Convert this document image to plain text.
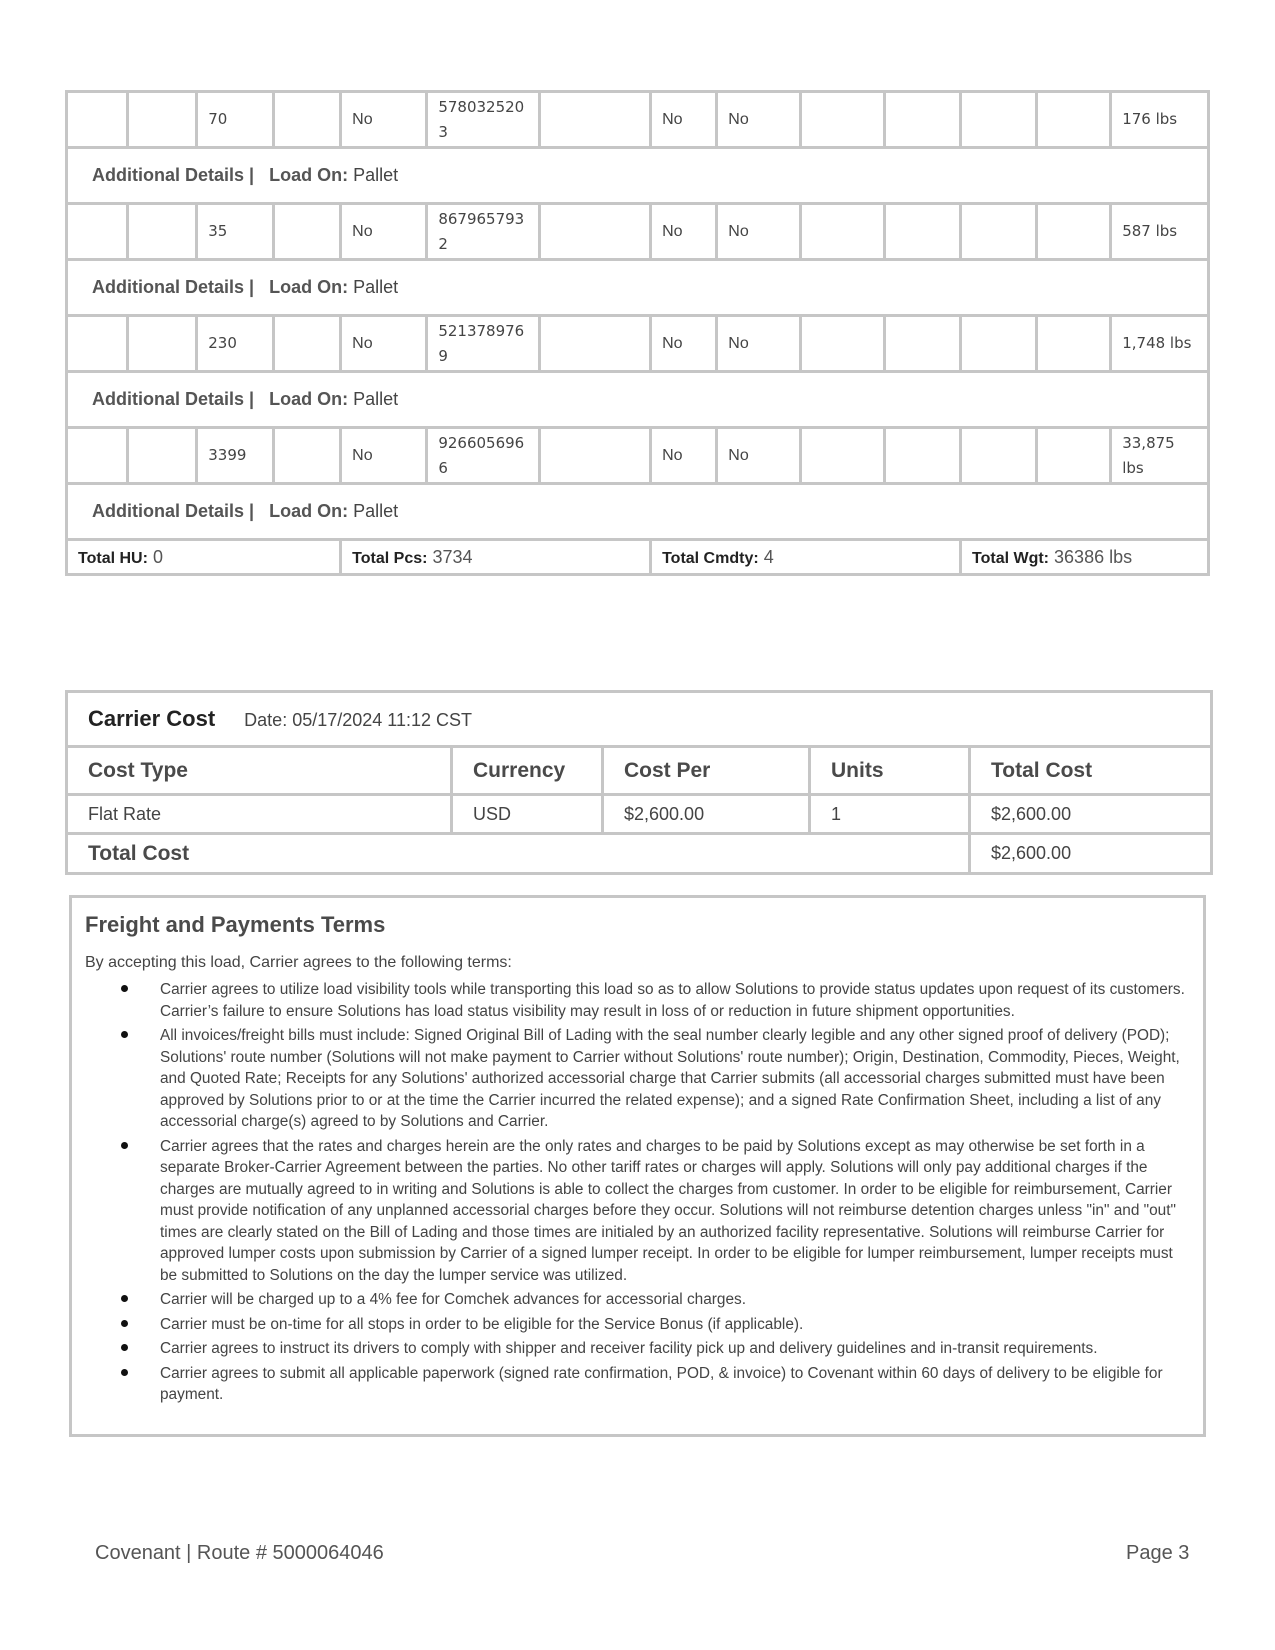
		70		No	5780325203		No	No					176 lbs
Additional Details | Load On: Pallet													
		35		No	8679657932		No	No					587 lbs
Additional Details | Load On: Pallet													
		230		No	5213789769		No	No					1,748 lbs
Additional Details | Load On: Pallet													
		3399		No	9266056966		No	No					33,875 lbs
Additional Details | Load On: Pallet													
Total HU: 0				Total Pcs: 3734			Total Cmdty: 4				Total Wgt: 36386 lbs		
Carrier Cost Date: 05/17/2024 11:12 CST				
Cost Type	Currency	Cost Per	Units	Total Cost
Flat Rate	USD	$2,600.00	1	$2,600.00
Total Cost				$2,600.00
Freight and Payments Terms

By accepting this load, Carrier agrees to the following terms:

Carrier agrees to utilize load visibility tools while transporting this load so as to allow Solutions to provide status updates upon request of its customers. Carrier’s failure to ensure Solutions has load status visibility may result in loss of or reduction in future shipment opportunities.
All invoices/freight bills must include: Signed Original Bill of Lading with the seal number clearly legible and any other signed proof of delivery (POD); Solutions' route number (Solutions will not make payment to Carrier without Solutions' route number); Origin, Destination, Commodity, Pieces, Weight, and Quoted Rate; Receipts for any Solutions' authorized accessorial charge that Carrier submits (all accessorial charges submitted must have been approved by Solutions prior to or at the time the Carrier incurred the related expense); and a signed Rate Confirmation Sheet, including a list of any accessorial charge(s) agreed to by Solutions and Carrier.
Carrier agrees that the rates and charges herein are the only rates and charges to be paid by Solutions except as may otherwise be set forth in a separate Broker-Carrier Agreement between the parties. No other tariff rates or charges will apply. Solutions will only pay additional charges if the charges are mutually agreed to in writing and Solutions is able to collect the charges from customer. In order to be eligible for reimbursement, Carrier must provide notification of any unplanned accessorial charges before they occur. Solutions will not reimburse detention charges unless "in" and "out" times are clearly stated on the Bill of Lading and those times are initialed by an authorized facility representative. Solutions will reimburse Carrier for approved lumper costs upon submission by Carrier of a signed lumper receipt. In order to be eligible for lumper reimbursement, lumper receipts must be submitted to Solutions on the day the lumper service was utilized.
Carrier will be charged up to a 4% fee for Comchek advances for accessorial charges.
Carrier must be on-time for all stops in order to be eligible for the Service Bonus (if applicable).
Carrier agrees to instruct its drivers to comply with shipper and receiver facility pick up and delivery guidelines and in-transit requirements.
Carrier agrees to submit all applicable paperwork (signed rate confirmation, POD, & invoice) to Covenant within 60 days of delivery to be eligible for payment.
Covenant | Route # 5000064046	Page 3
